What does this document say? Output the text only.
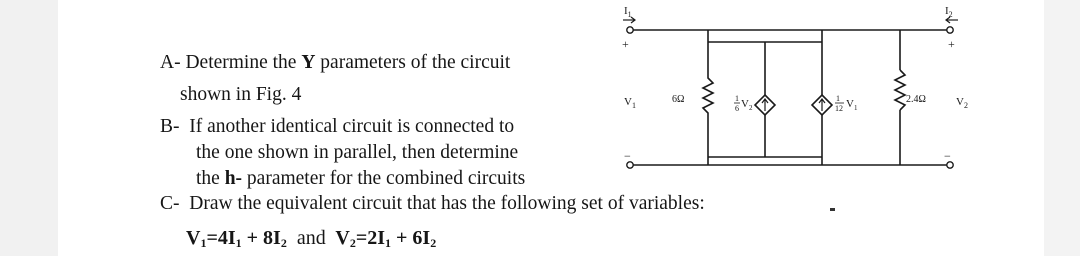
A- Determine the Y parameters of the circuit
shown in Fig. 4
B- If another identical circuit is connected to
the one shown in parallel, then determine
the h- parameter for the combined circuits
C- Draw the equivalent circuit that has the following set of variables:
$V_1=4I_1 + 8I_2$ and $V_2=2I_1 + 6I_2$
$I_1$	$I_2$
+	+
−	−
$V_1$	$V_2$
6Ω	2.4Ω
1
6 $V_2$
1
12 $V_1$
